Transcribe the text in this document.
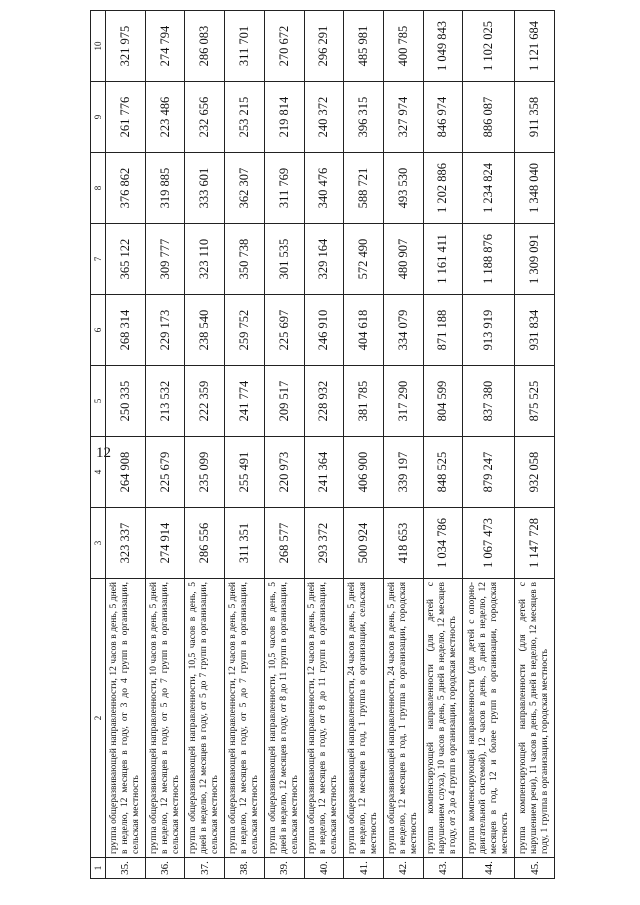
12
1	2	3	4	5	6	7	8	9	10
35.	группа общеразвивающей направленности, 12 часов в день, 5 дней в неделю, 12 месяцев в году, от 3 до 4 групп в организации, сельская местность	323 337	264 908	250 335	268 314	365 122	376 862	261 776	321 975
36.	группа общеразвивающей направленности, 10 часов в день, 5 дней в неделю, 12 месяцев в году, от 5 до 7 групп в организации, сельская местность	274 914	225 679	213 532	229 173	309 777	319 885	223 486	274 794
37.	группа общеразвивающей направленности, 10,5 часов в день, 5 дней в неделю, 12 месяцев в году, от 5 до 7 групп в организации, сельская местность	286 556	235 099	222 359	238 540	323 110	333 601	232 656	286 083
38.	группа общеразвивающей направленности, 12 часов в день, 5 дней в неделю, 12 месяцев в году, от 5 до 7 групп в организации, сельская местность	311 351	255 491	241 774	259 752	350 738	362 307	253 215	311 701
39.	группа общеразвивающей направленности, 10,5 часов в день, 5 дней в неделю, 12 месяцев в году, от 8 до 11 групп в организации, сельская местность	268 577	220 973	209 517	225 697	301 535	311 769	219 814	270 672
40.	группа общеразвивающей направленности, 12 часов в день, 5 дней в неделю, 12 месяцев в году, от 8 до 11 групп в организации, сельская местность	293 372	241 364	228 932	246 910	329 164	340 476	240 372	296 291
41.	группа общеразвивающей направленности, 24 часов в день, 5 дней в неделю, 12 месяцев в год, 1 группа в организации, сельская местность	500 924	406 900	381 785	404 618	572 490	588 721	396 315	485 981
42.	группа общеразвивающей направленности, 24 часов в день, 5 дней в неделю, 12 месяцев в год, 1 группа в организации, городская местность	418 653	339 197	317 290	334 079	480 907	493 530	327 974	400 785
43.	группа компенсирующей направленности (для детей с нарушением слуха), 10 часов в день, 5 дней в неделю, 12 месяцев в году, от 3 до 4 групп в организации, городская местность	1 034 786	848 525	804 599	871 188	1 161 411	1 202 886	846 974	1 049 843
44.	группа компенсирующей направленности (для детей с опорно-двигательной системой), 12 часов в день, 5 дней в неделю, 12 месяцев в год, 12 и более групп в организации, городская местность	1 067 473	879 247	837 380	913 919	1 188 876	1 234 824	886 087	1 102 025
45.	группа компенсирующей направленности (для детей с нарушением речи), 11 часов в день, 5 дней в неделю, 12 месяцев в году, 1 группа в организации, городская местность	1 147 728	932 058	875 525	931 834	1 309 091	1 348 040	911 358	1 121 684
